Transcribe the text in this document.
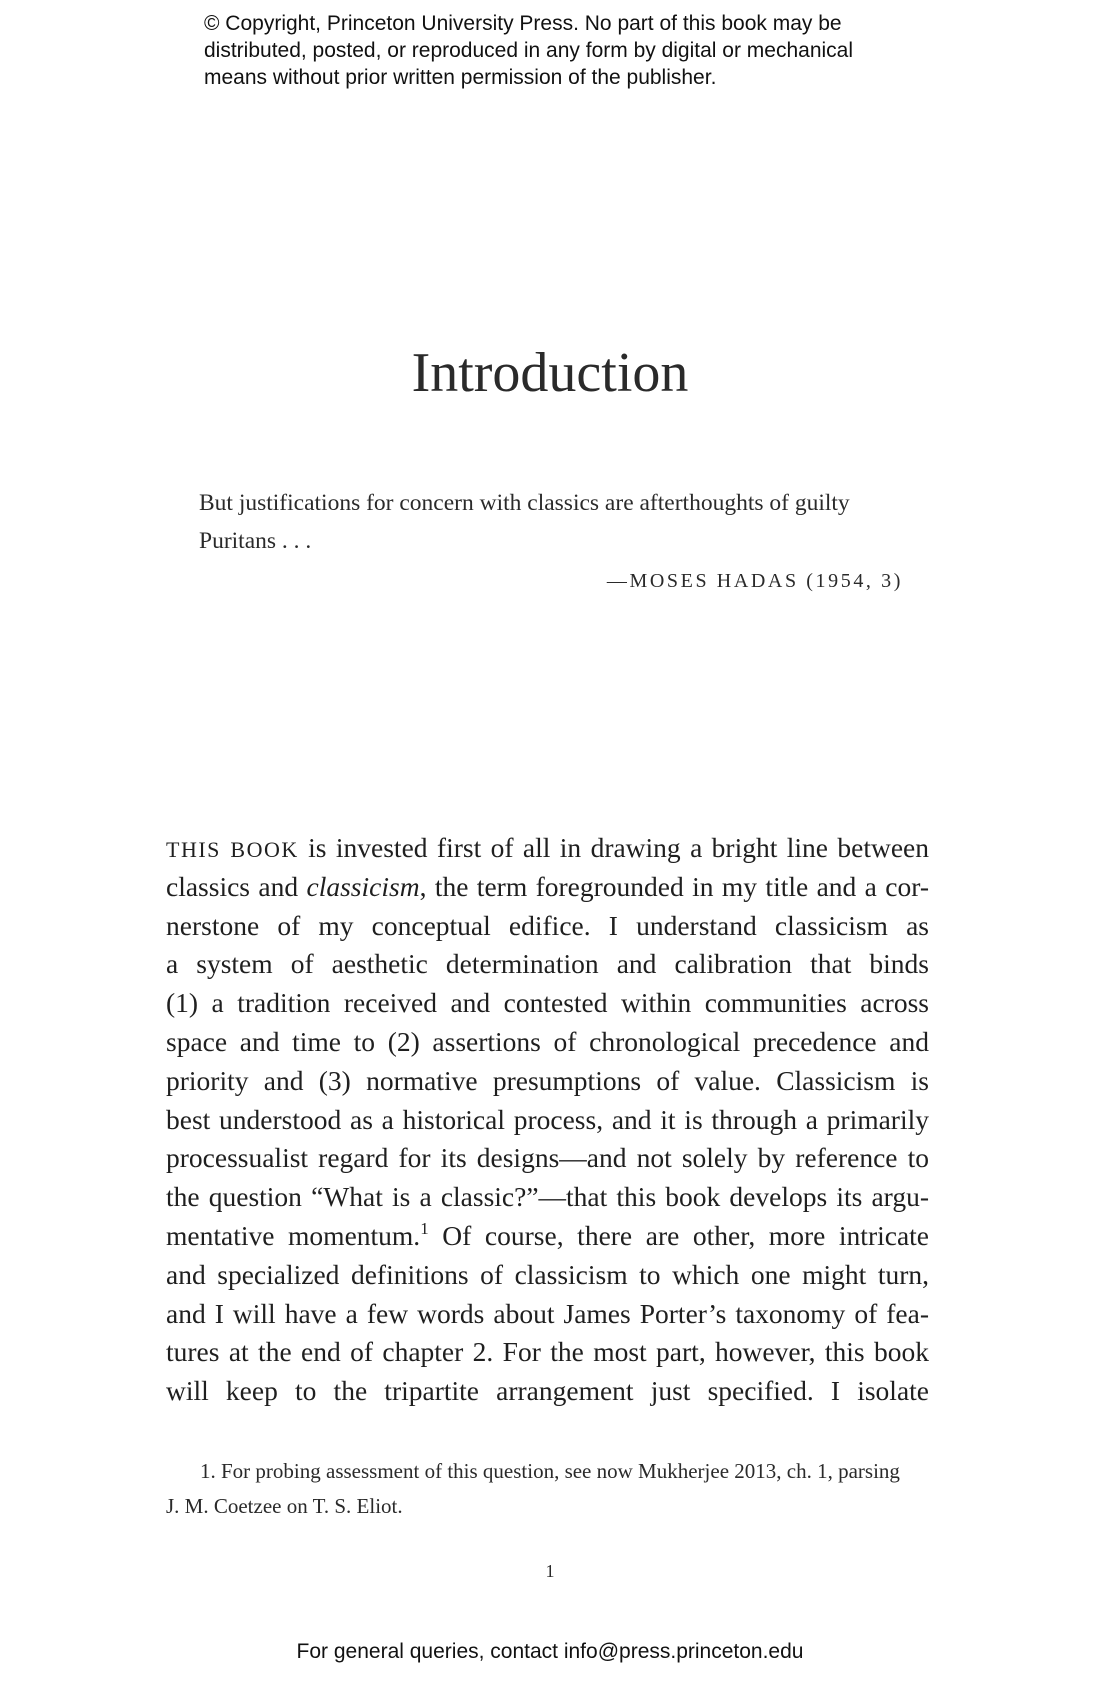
© Copyright, Princeton University Press. No part of this book may be
distributed, posted, or reproduced in any form by digital or mechanical
means without prior written permission of the publisher.
Introduction
But justifications for concern with classics are afterthoughts of guilty
Puritans . . .
—MOSES HADAS (1954, 3)
THIS BOOK is invested first of all in drawing a bright line between
classics and classicism, the term foregrounded in my title and a cor-
nerstone of my conceptual edifice. I understand classicism as
a system of aesthetic determination and calibration that binds
(1) a tradition received and contested within communities across
space and time to (2) assertions of chronological precedence and
priority and (3) normative presumptions of value. Classicism is
best understood as a historical process, and it is through a primarily
processualist regard for its designs—and not solely by reference to
the question “What is a classic?”—that this book develops its argu-
mentative momentum.$^1$ Of course, there are other, more intricate
and specialized definitions of classicism to which one might turn,
and I will have a few words about James Porter’s taxonomy of fea-
tures at the end of chapter 2. For the most part, however, this book
will keep to the tripartite arrangement just specified. I isolate
1. For probing assessment of this question, see now Mukherjee 2013, ch. 1, parsing
J. M. Coetzee on T. S. Eliot.
1
For general queries, contact info@press.princeton.edu
